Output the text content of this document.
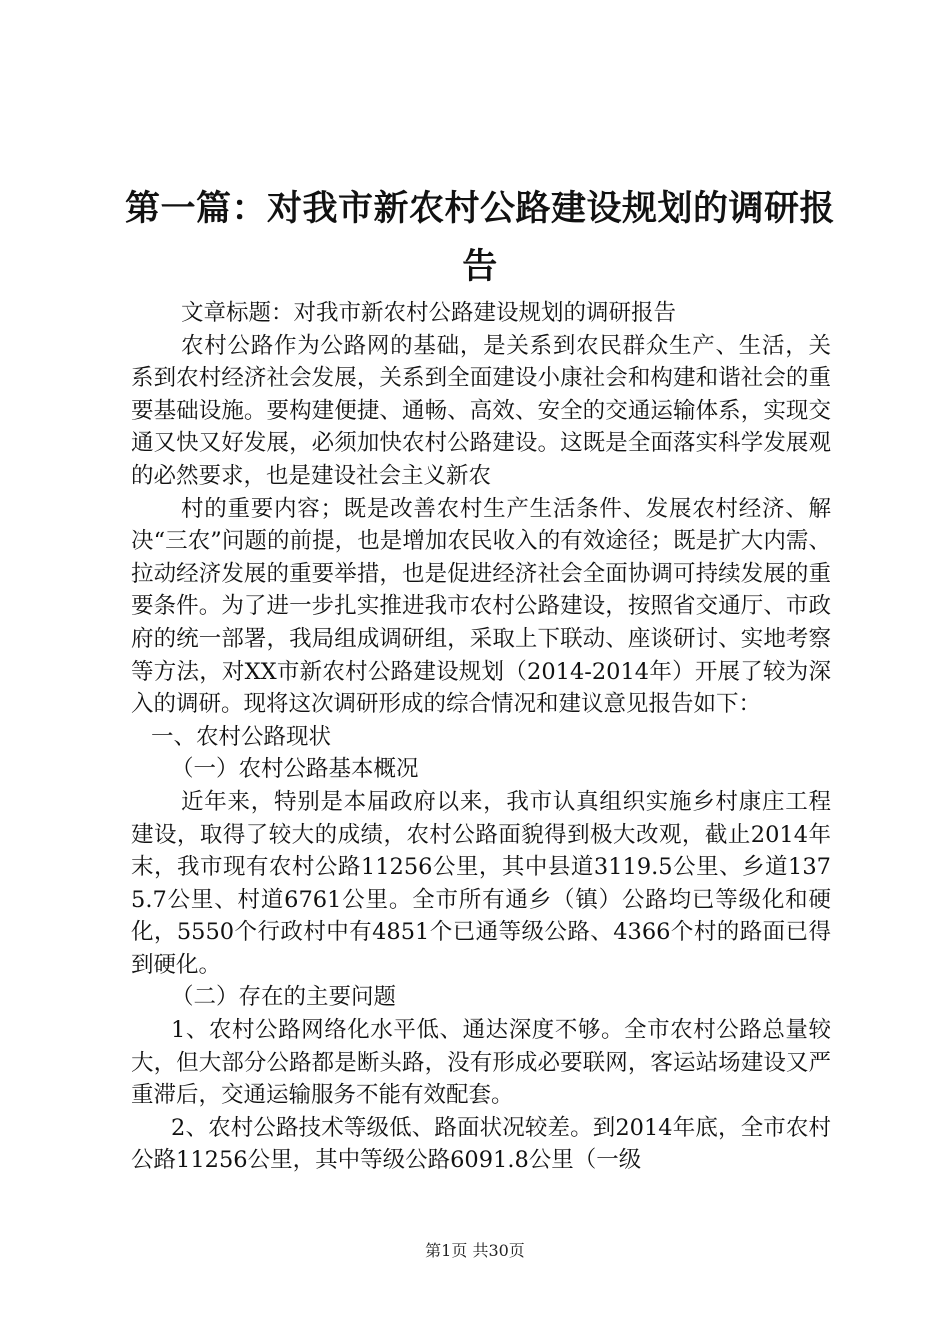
第一篇：对我市新农村公路建设规划的调研报
告

文章标题：对我市新农村公路建设规划的调研报告

农村公路作为公路网的基础，是关系到农民群众生产、生活，关系到农村经济社会发展，关系到全面建设小康社会和构建和谐社会的重要基础设施。要构建便捷、通畅、高效、安全的交通运输体系，实现交通又快又好发展，必须加快农村公路建设。这既是全面落实科学发展观的必然要求，也是建设社会主义新农

村的重要内容；既是改善农村生产生活条件、发展农村经济、解决“三农”问题的前提，也是增加农民收入的有效途径；既是扩大内需、拉动经济发展的重要举措，也是促进经济社会全面协调可持续发展的重要条件。为了进一步扎实推进我市农村公路建设，按照省交通厅、市政府的统一部署，我局组成调研组，采取上下联动、座谈研讨、实地考察等方法，对XX市新农村公路建设规划（2014-2014年）开展了较为深入的调研。现将这次调研形成的综合情况和建议意见报告如下：

一、农村公路现状

（一）农村公路基本概况

近年来，特别是本届政府以来，我市认真组织实施乡村康庄工程建设，取得了较大的成绩，农村公路面貌得到极大改观，截止2014年末，我市现有农村公路11256公里，其中县道3119.5公里、乡道1375.7公里、村道6761公里。全市所有通乡（镇）公路均已等级化和硬化，5550个行政村中有4851个已通等级公路、4366个村的路面已得到硬化。

（二）存在的主要问题

1、农村公路网络化水平低、通达深度不够。全市农村公路总量较大，但大部分公路都是断头路，没有形成必要联网，客运站场建设又严重滞后，交通运输服务不能有效配套。

2、农村公路技术等级低、路面状况较差。到2014年底，全市农村公路11256公里，其中等级公路6091.8公里（一级

第1页 共30页
